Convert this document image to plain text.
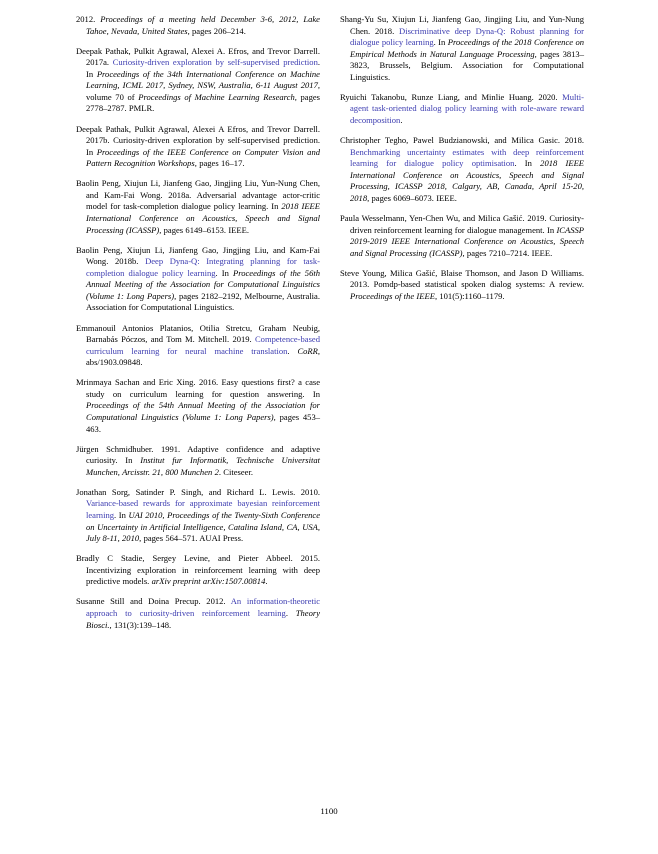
2012. Proceedings of a meeting held December 3-6, 2012, Lake Tahoe, Nevada, United States, pages 206–214.

Deepak Pathak, Pulkit Agrawal, Alexei A. Efros, and Trevor Darrell. 2017a. Curiosity-driven exploration by self-supervised prediction. In Proceedings of the 34th International Conference on Machine Learning, ICML 2017, Sydney, NSW, Australia, 6-11 August 2017, volume 70 of Proceedings of Machine Learning Research, pages 2778–2787. PMLR.

Deepak Pathak, Pulkit Agrawal, Alexei A Efros, and Trevor Darrell. 2017b. Curiosity-driven exploration by self-supervised prediction. In Proceedings of the IEEE Conference on Computer Vision and Pattern Recognition Workshops, pages 16–17.

Baolin Peng, Xiujun Li, Jianfeng Gao, Jingjing Liu, Yun-Nung Chen, and Kam-Fai Wong. 2018a. Adversarial advantage actor-critic model for task-completion dialogue policy learning. In 2018 IEEE International Conference on Acoustics, Speech and Signal Processing (ICASSP), pages 6149–6153. IEEE.

Baolin Peng, Xiujun Li, Jianfeng Gao, Jingjing Liu, and Kam-Fai Wong. 2018b. Deep Dyna-Q: Integrating planning for task-completion dialogue policy learning. In Proceedings of the 56th Annual Meeting of the Association for Computational Linguistics (Volume 1: Long Papers), pages 2182–2192, Melbourne, Australia. Association for Computational Linguistics.

Emmanouil Antonios Platanios, Otilia Stretcu, Graham Neubig, Barnabás Póczos, and Tom M. Mitchell. 2019. Competence-based curriculum learning for neural machine translation. CoRR, abs/1903.09848.

Mrinmaya Sachan and Eric Xing. 2016. Easy questions first? a case study on curriculum learning for question answering. In Proceedings of the 54th Annual Meeting of the Association for Computational Linguistics (Volume 1: Long Papers), pages 453–463.

Jürgen Schmidhuber. 1991. Adaptive confidence and adaptive curiosity. In Institut fur Informatik, Technische Universitat Munchen, Arcisstr. 21, 800 Munchen 2. Citeseer.

Jonathan Sorg, Satinder P. Singh, and Richard L. Lewis. 2010. Variance-based rewards for approximate bayesian reinforcement learning. In UAI 2010, Proceedings of the Twenty-Sixth Conference on Uncertainty in Artificial Intelligence, Catalina Island, CA, USA, July 8-11, 2010, pages 564–571. AUAI Press.

Bradly C Stadie, Sergey Levine, and Pieter Abbeel. 2015. Incentivizing exploration in reinforcement learning with deep predictive models. arXiv preprint arXiv:1507.00814.

Susanne Still and Doina Precup. 2012. An information-theoretic approach to curiosity-driven reinforcement learning. Theory Biosci., 131(3):139–148.

Shang-Yu Su, Xiujun Li, Jianfeng Gao, Jingjing Liu, and Yun-Nung Chen. 2018. Discriminative deep Dyna-Q: Robust planning for dialogue policy learning. In Proceedings of the 2018 Conference on Empirical Methods in Natural Language Processing, pages 3813–3823, Brussels, Belgium. Association for Computational Linguistics.

Ryuichi Takanobu, Runze Liang, and Minlie Huang. 2020. Multi-agent task-oriented dialog policy learning with role-aware reward decomposition.

Christopher Tegho, Pawel Budzianowski, and Milica Gasic. 2018. Benchmarking uncertainty estimates with deep reinforcement learning for dialogue policy optimisation. In 2018 IEEE International Conference on Acoustics, Speech and Signal Processing, ICASSP 2018, Calgary, AB, Canada, April 15-20, 2018, pages 6069–6073. IEEE.

Paula Wesselmann, Yen-Chen Wu, and Milica Gašić. 2019. Curiosity-driven reinforcement learning for dialogue management. In ICASSP 2019-2019 IEEE International Conference on Acoustics, Speech and Signal Processing (ICASSP), pages 7210–7214. IEEE.

Steve Young, Milica Gašić, Blaise Thomson, and Jason D Williams. 2013. Pomdp-based statistical spoken dialog systems: A review. Proceedings of the IEEE, 101(5):1160–1179.

1100
